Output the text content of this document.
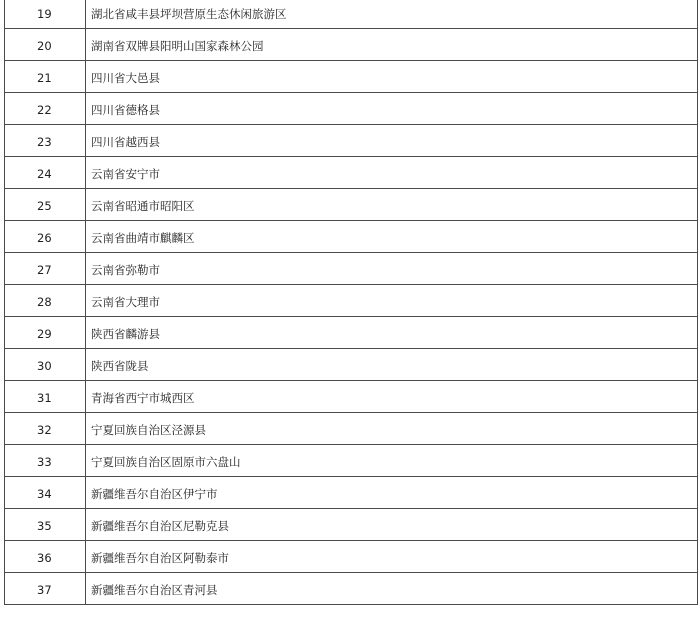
19	湖北省咸丰县坪坝营原生态休闲旅游区
20	湖南省双牌县阳明山国家森林公园
21	四川省大邑县
22	四川省德格县
23	四川省越西县
24	云南省安宁市
25	云南省昭通市昭阳区
26	云南省曲靖市麒麟区
27	云南省弥勒市
28	云南省大理市
29	陕西省麟游县
30	陕西省陇县
31	青海省西宁市城西区
32	宁夏回族自治区泾源县
33	宁夏回族自治区固原市六盘山
34	新疆维吾尔自治区伊宁市
35	新疆维吾尔自治区尼勒克县
36	新疆维吾尔自治区阿勒泰市
37	新疆维吾尔自治区青河县
